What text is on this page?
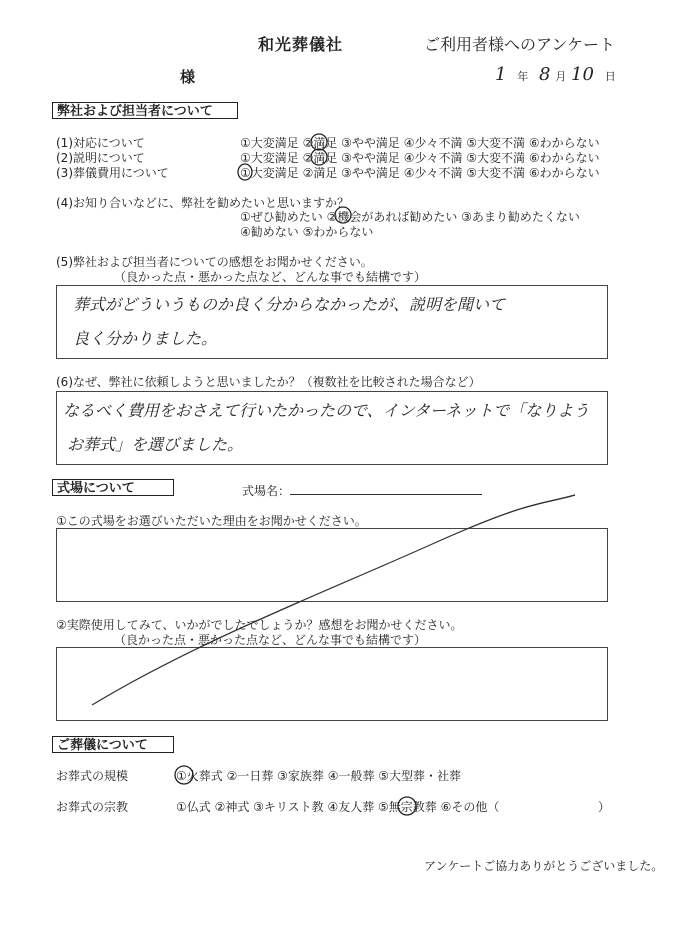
和光葬儀社	ご利用者様へのアンケート
様	1 年 8 月 10 日
弊社および担当者について
(1)対応について	①大変満足 ②満足 ③やや満足 ④少々不満 ⑤大変不満 ⑥わからない
(2)説明について	①大変満足 ②満足 ③やや満足 ④少々不満 ⑤大変不満 ⑥わからない
(3)葬儀費用について	①大変満足 ②満足 ③やや満足 ④少々不満 ⑤大変不満 ⑥わからない
(4)お知り合いなどに、弊社を勧めたいと思いますか？
①ぜひ勧めたい ②機会があれば勧めたい ③あまり勧めたくない
④勧めない ⑤わからない
(5)弊社および担当者についての感想をお聞かせください。
（良かった点・悪かった点など、どんな事でも結構です）
葬式がどういうものか良く分からなかったが、説明を聞いて
良く分かりました。
(6)なぜ、弊社に依頼しようと思いましたか？（複数社を比較された場合など）
なるべく費用をおさえて行いたかったので、インターネットで「なりよう
お葬式」を選びました。
式場について	式場名：
①この式場をお選びいただいた理由をお聞かせください。
②実際使用してみて、いかがでしたでしょうか？感想をお聞かせください。
（良かった点・悪かった点など、どんな事でも結構です）
ご葬儀について
お葬式の規模	①火葬式 ②一日葬 ③家族葬 ④一般葬 ⑤大型葬・社葬
お葬式の宗教	①仏式 ②神式 ③キリスト教 ④友人葬 ⑤無宗教葬 ⑥その他（	）
アンケートご協力ありがとうございました。
